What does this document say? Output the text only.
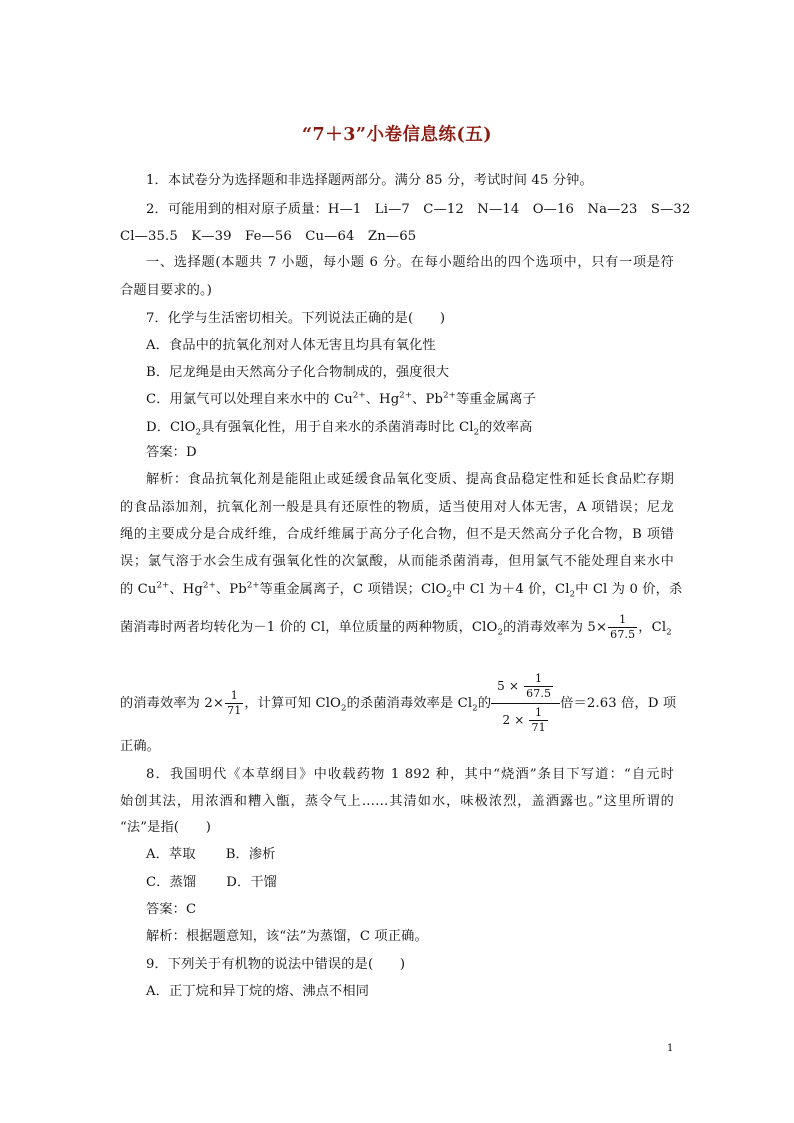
“7＋3”小卷信息练(五)
1．本试卷分为选择题和非选择题两部分。满分 85 分，考试时间 45 分钟。
2．可能用到的相对原子质量：H—1　Li—7　C—12　N—14　O—16　Na—23　S—32
Cl—35.5　K—39　Fe—56　Cu—64　Zn—65
一、选择题(本题共 7 小题，每小题 6 分。在每小题给出的四个选项中，只有一项是符
合题目要求的。)
7．化学与生活密切相关。下列说法正确的是(　　)
A．食品中的抗氧化剂对人体无害且均具有氧化性
B．尼龙绳是由天然高分子化合物制成的，强度很大
C．用氯气可以处理自来水中的 $Cu^{2+}$、$Hg^{2+}$、$Pb^{2+}$等重金属离子
D．ClO$_2$具有强氧化性，用于自来水的杀菌消毒时比 $Cl_2$的效率高
答案：D
解析：食品抗氧化剂是能阻止或延缓食品氧化变质、提高食品稳定性和延长食品贮存期
的食品添加剂，抗氧化剂一般是具有还原性的物质，适当使用对人体无害，A 项错误；尼龙
绳的主要成分是合成纤维，合成纤维属于高分子化合物，但不是天然高分子化合物，B 项错
误；氯气溶于水会生成有强氧化性的次氯酸，从而能杀菌消毒，但用氯气不能处理自来水中
的 $Cu^{2+}$、$Hg^{2+}$、$Pb^{2+}$等重金属离子，C 项错误；ClO$_2$中 Cl 为＋4 价，$Cl_2$中 Cl 为 0 价，杀
菌消毒时两者均转化为－1 价的 Cl，单位质量的两种物质，ClO$_2$的消毒效率为 $5\times \frac{1}{67.5}$ ，$Cl_2$
的消毒效率为 $2\times \frac{1}{71}$ ，计算可知 ClO$_2$的杀菌消毒效率是 $Cl_2$的 $\frac{5 \times \frac{1}{67.5}}{2 \times \frac{1}{71}}$ 倍＝2.63 倍，D 项
正确。
8．我国明代《本草纲目》中收载药物 1 892 种，其中“烧酒”条目下写道：“自元时
始创其法，用浓酒和糟入甑，蒸令气上……其清如水，味极浓烈，盖酒露也。”这里所谓的
“法”是指(　　)
A．萃取 B．渗析
C．蒸馏 D．干馏
答案：C
解析：根据题意知，该“法”为蒸馏，C 项正确。
9．下列关于有机物的说法中错误的是(　　)
A．正丁烷和异丁烷的熔、沸点不相同
1
